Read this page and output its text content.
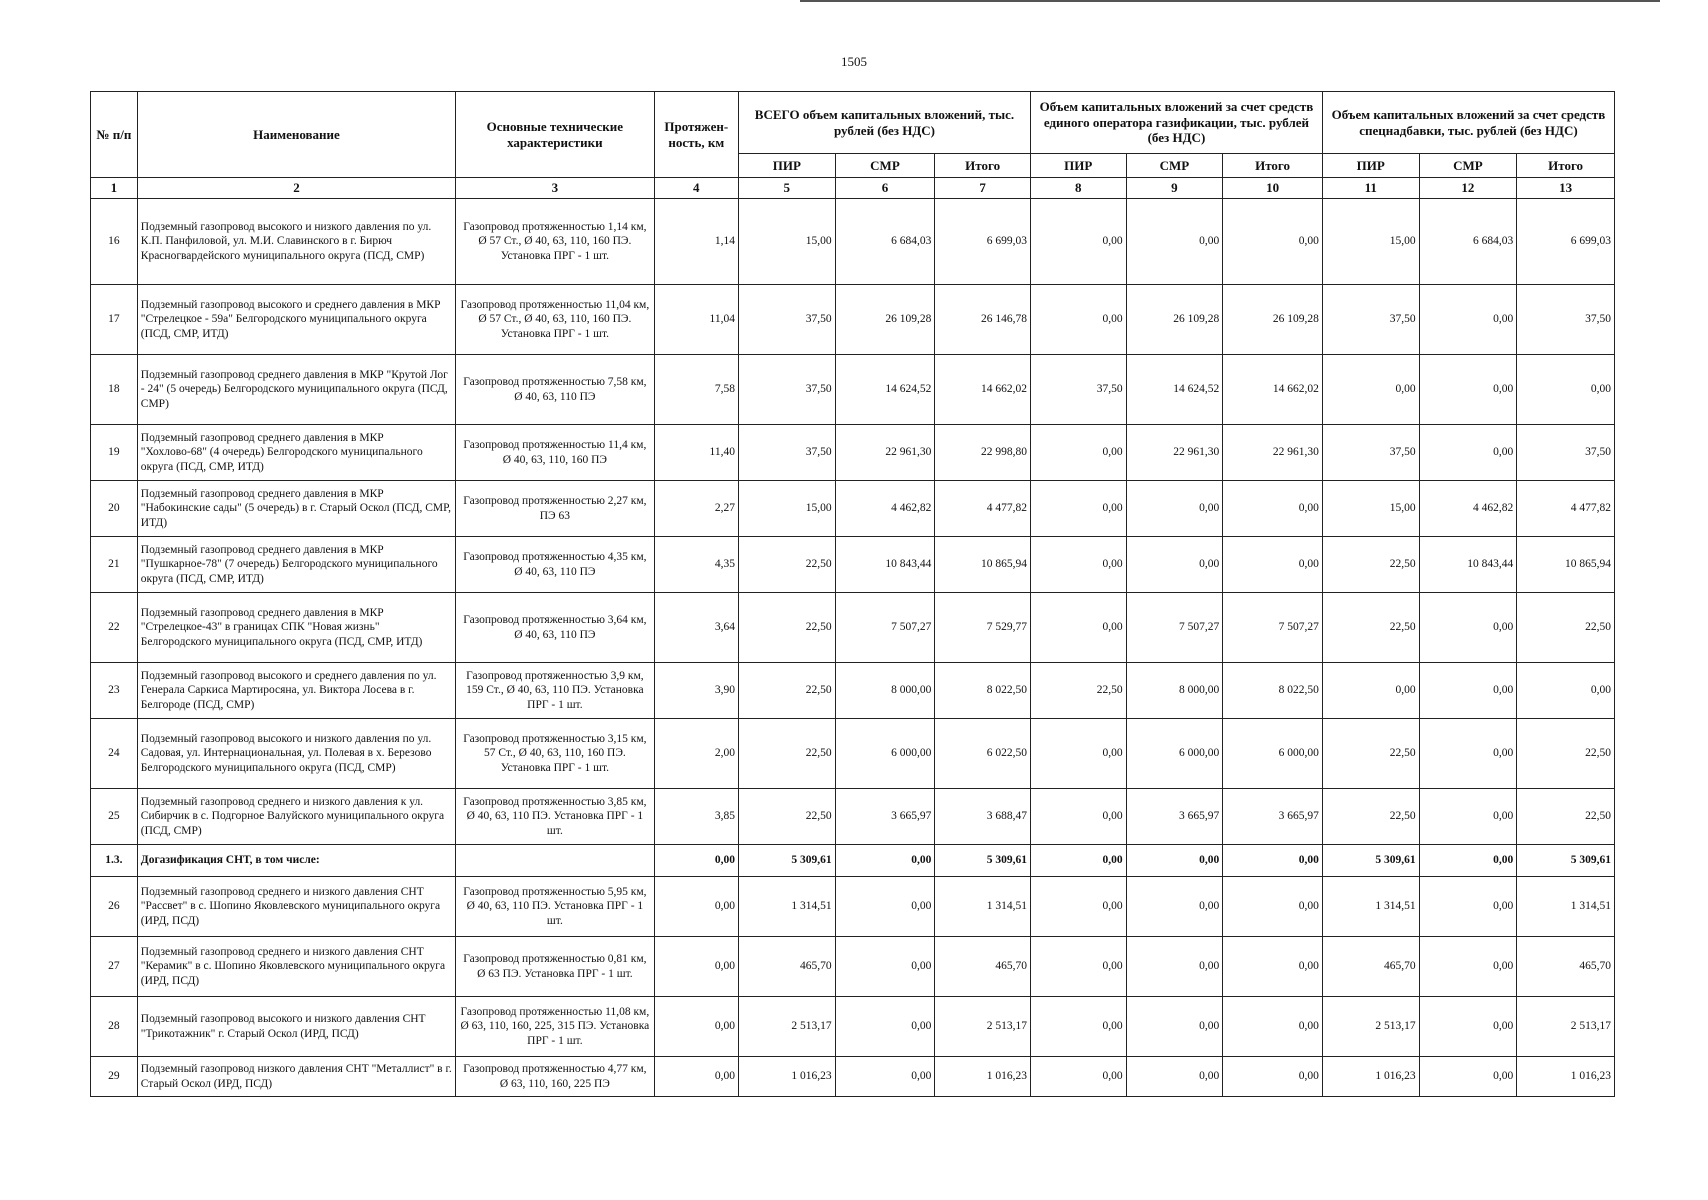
1505
№ п/п	Наименование	Основные технические характеристики	Протяжен-ность, км	ВСЕГО объем капитальных вложений, тыс. рублей (без НДС)			Объем капитальных вложений за счет средств единого оператора газификации, тыс. рублей (без НДС)			Объем капитальных вложений за счет средств спецнадбавки, тыс. рублей (без НДС)		
				ПИР	СМР	Итого	ПИР	СМР	Итого	ПИР	СМР	Итого
1	2	3	4	5	6	7	8	9	10	11	12	13
16	Подземный газопровод высокого и низкого давления по ул. К.П. Панфиловой, ул. М.И. Славинского в г. Бирюч Красногвардейского муниципального округа (ПСД, СМР)	Газопровод протяженностью 1,14 км, Ø 57 Ст., Ø 40, 63, 110, 160 ПЭ. Установка ПРГ - 1 шт.	1,14	15,00	6 684,03	6 699,03	0,00	0,00	0,00	15,00	6 684,03	6 699,03
17	Подземный газопровод высокого и среднего давления в МКР "Стрелецкое - 59а" Белгородского муниципального округа (ПСД, СМР, ИТД)	Газопровод протяженностью 11,04 км, Ø 57 Ст., Ø 40, 63, 110, 160 ПЭ. Установка ПРГ - 1 шт.	11,04	37,50	26 109,28	26 146,78	0,00	26 109,28	26 109,28	37,50	0,00	37,50
18	Подземный газопровод среднего давления в МКР "Крутой Лог - 24" (5 очередь) Белгородского муниципального округа (ПСД, СМР)	Газопровод протяженностью 7,58 км, Ø 40, 63, 110 ПЭ	7,58	37,50	14 624,52	14 662,02	37,50	14 624,52	14 662,02	0,00	0,00	0,00
19	Подземный газопровод среднего давления в МКР "Хохлово-68" (4 очередь) Белгородского муниципального округа (ПСД, СМР, ИТД)	Газопровод протяженностью 11,4 км, Ø 40, 63, 110, 160 ПЭ	11,40	37,50	22 961,30	22 998,80	0,00	22 961,30	22 961,30	37,50	0,00	37,50
20	Подземный газопровод среднего давления в МКР "Набокинские сады" (5 очередь) в г. Старый Оскол (ПСД, СМР, ИТД)	Газопровод протяженностью 2,27 км, ПЭ 63	2,27	15,00	4 462,82	4 477,82	0,00	0,00	0,00	15,00	4 462,82	4 477,82
21	Подземный газопровод среднего давления в МКР "Пушкарное-78" (7 очередь) Белгородского муниципального округа (ПСД, СМР, ИТД)	Газопровод протяженностью 4,35 км, Ø 40, 63, 110 ПЭ	4,35	22,50	10 843,44	10 865,94	0,00	0,00	0,00	22,50	10 843,44	10 865,94
22	Подземный газопровод среднего давления в МКР "Стрелецкое-43" в границах СПК "Новая жизнь" Белгородского муниципального округа (ПСД, СМР, ИТД)	Газопровод протяженностью 3,64 км, Ø 40, 63, 110 ПЭ	3,64	22,50	7 507,27	7 529,77	0,00	7 507,27	7 507,27	22,50	0,00	22,50
23	Подземный газопровод высокого и среднего давления по ул. Генерала Саркиса Мартиросяна, ул. Виктора Лосева в г. Белгороде (ПСД, СМР)	Газопровод протяженностью 3,9 км, 159 Ст., Ø 40, 63, 110 ПЭ. Установка ПРГ - 1 шт.	3,90	22,50	8 000,00	8 022,50	22,50	8 000,00	8 022,50	0,00	0,00	0,00
24	Подземный газопровод высокого и низкого давления по ул. Садовая, ул. Интернациональная, ул. Полевая в х. Березово Белгородского муниципального округа (ПСД, СМР)	Газопровод протяженностью 3,15 км, 57 Ст., Ø 40, 63, 110, 160 ПЭ. Установка ПРГ - 1 шт.	2,00	22,50	6 000,00	6 022,50	0,00	6 000,00	6 000,00	22,50	0,00	22,50
25	Подземный газопровод среднего и низкого давления к ул. Сибирчик в с. Подгорное Валуйского муниципального округа (ПСД, СМР)	Газопровод протяженностью 3,85 км, Ø 40, 63, 110 ПЭ. Установка ПРГ - 1 шт.	3,85	22,50	3 665,97	3 688,47	0,00	3 665,97	3 665,97	22,50	0,00	22,50
1.3.	Догазификация СНТ, в том числе:		0,00	5 309,61	0,00	5 309,61	0,00	0,00	0,00	5 309,61	0,00	5 309,61
26	Подземный газопровод среднего и низкого давления СНТ "Рассвет" в с. Шопино Яковлевского муниципального округа (ИРД, ПСД)	Газопровод протяженностью 5,95 км, Ø 40, 63, 110 ПЭ. Установка ПРГ - 1 шт.	0,00	1 314,51	0,00	1 314,51	0,00	0,00	0,00	1 314,51	0,00	1 314,51
27	Подземный газопровод среднего и низкого давления СНТ "Керамик" в с. Шопино Яковлевского муниципального округа (ИРД, ПСД)	Газопровод протяженностью 0,81 км, Ø 63 ПЭ. Установка ПРГ - 1 шт.	0,00	465,70	0,00	465,70	0,00	0,00	0,00	465,70	0,00	465,70
28	Подземный газопровод высокого и низкого давления СНТ "Трикотажник" г. Старый Оскол (ИРД, ПСД)	Газопровод протяженностью 11,08 км, Ø 63, 110, 160, 225, 315 ПЭ. Установка ПРГ - 1 шт.	0,00	2 513,17	0,00	2 513,17	0,00	0,00	0,00	2 513,17	0,00	2 513,17
29	Подземный газопровод низкого давления СНТ "Металлист" в г. Старый Оскол (ИРД, ПСД)	Газопровод протяженностью 4,77 км, Ø 63, 110, 160, 225 ПЭ	0,00	1 016,23	0,00	1 016,23	0,00	0,00	0,00	1 016,23	0,00	1 016,23
